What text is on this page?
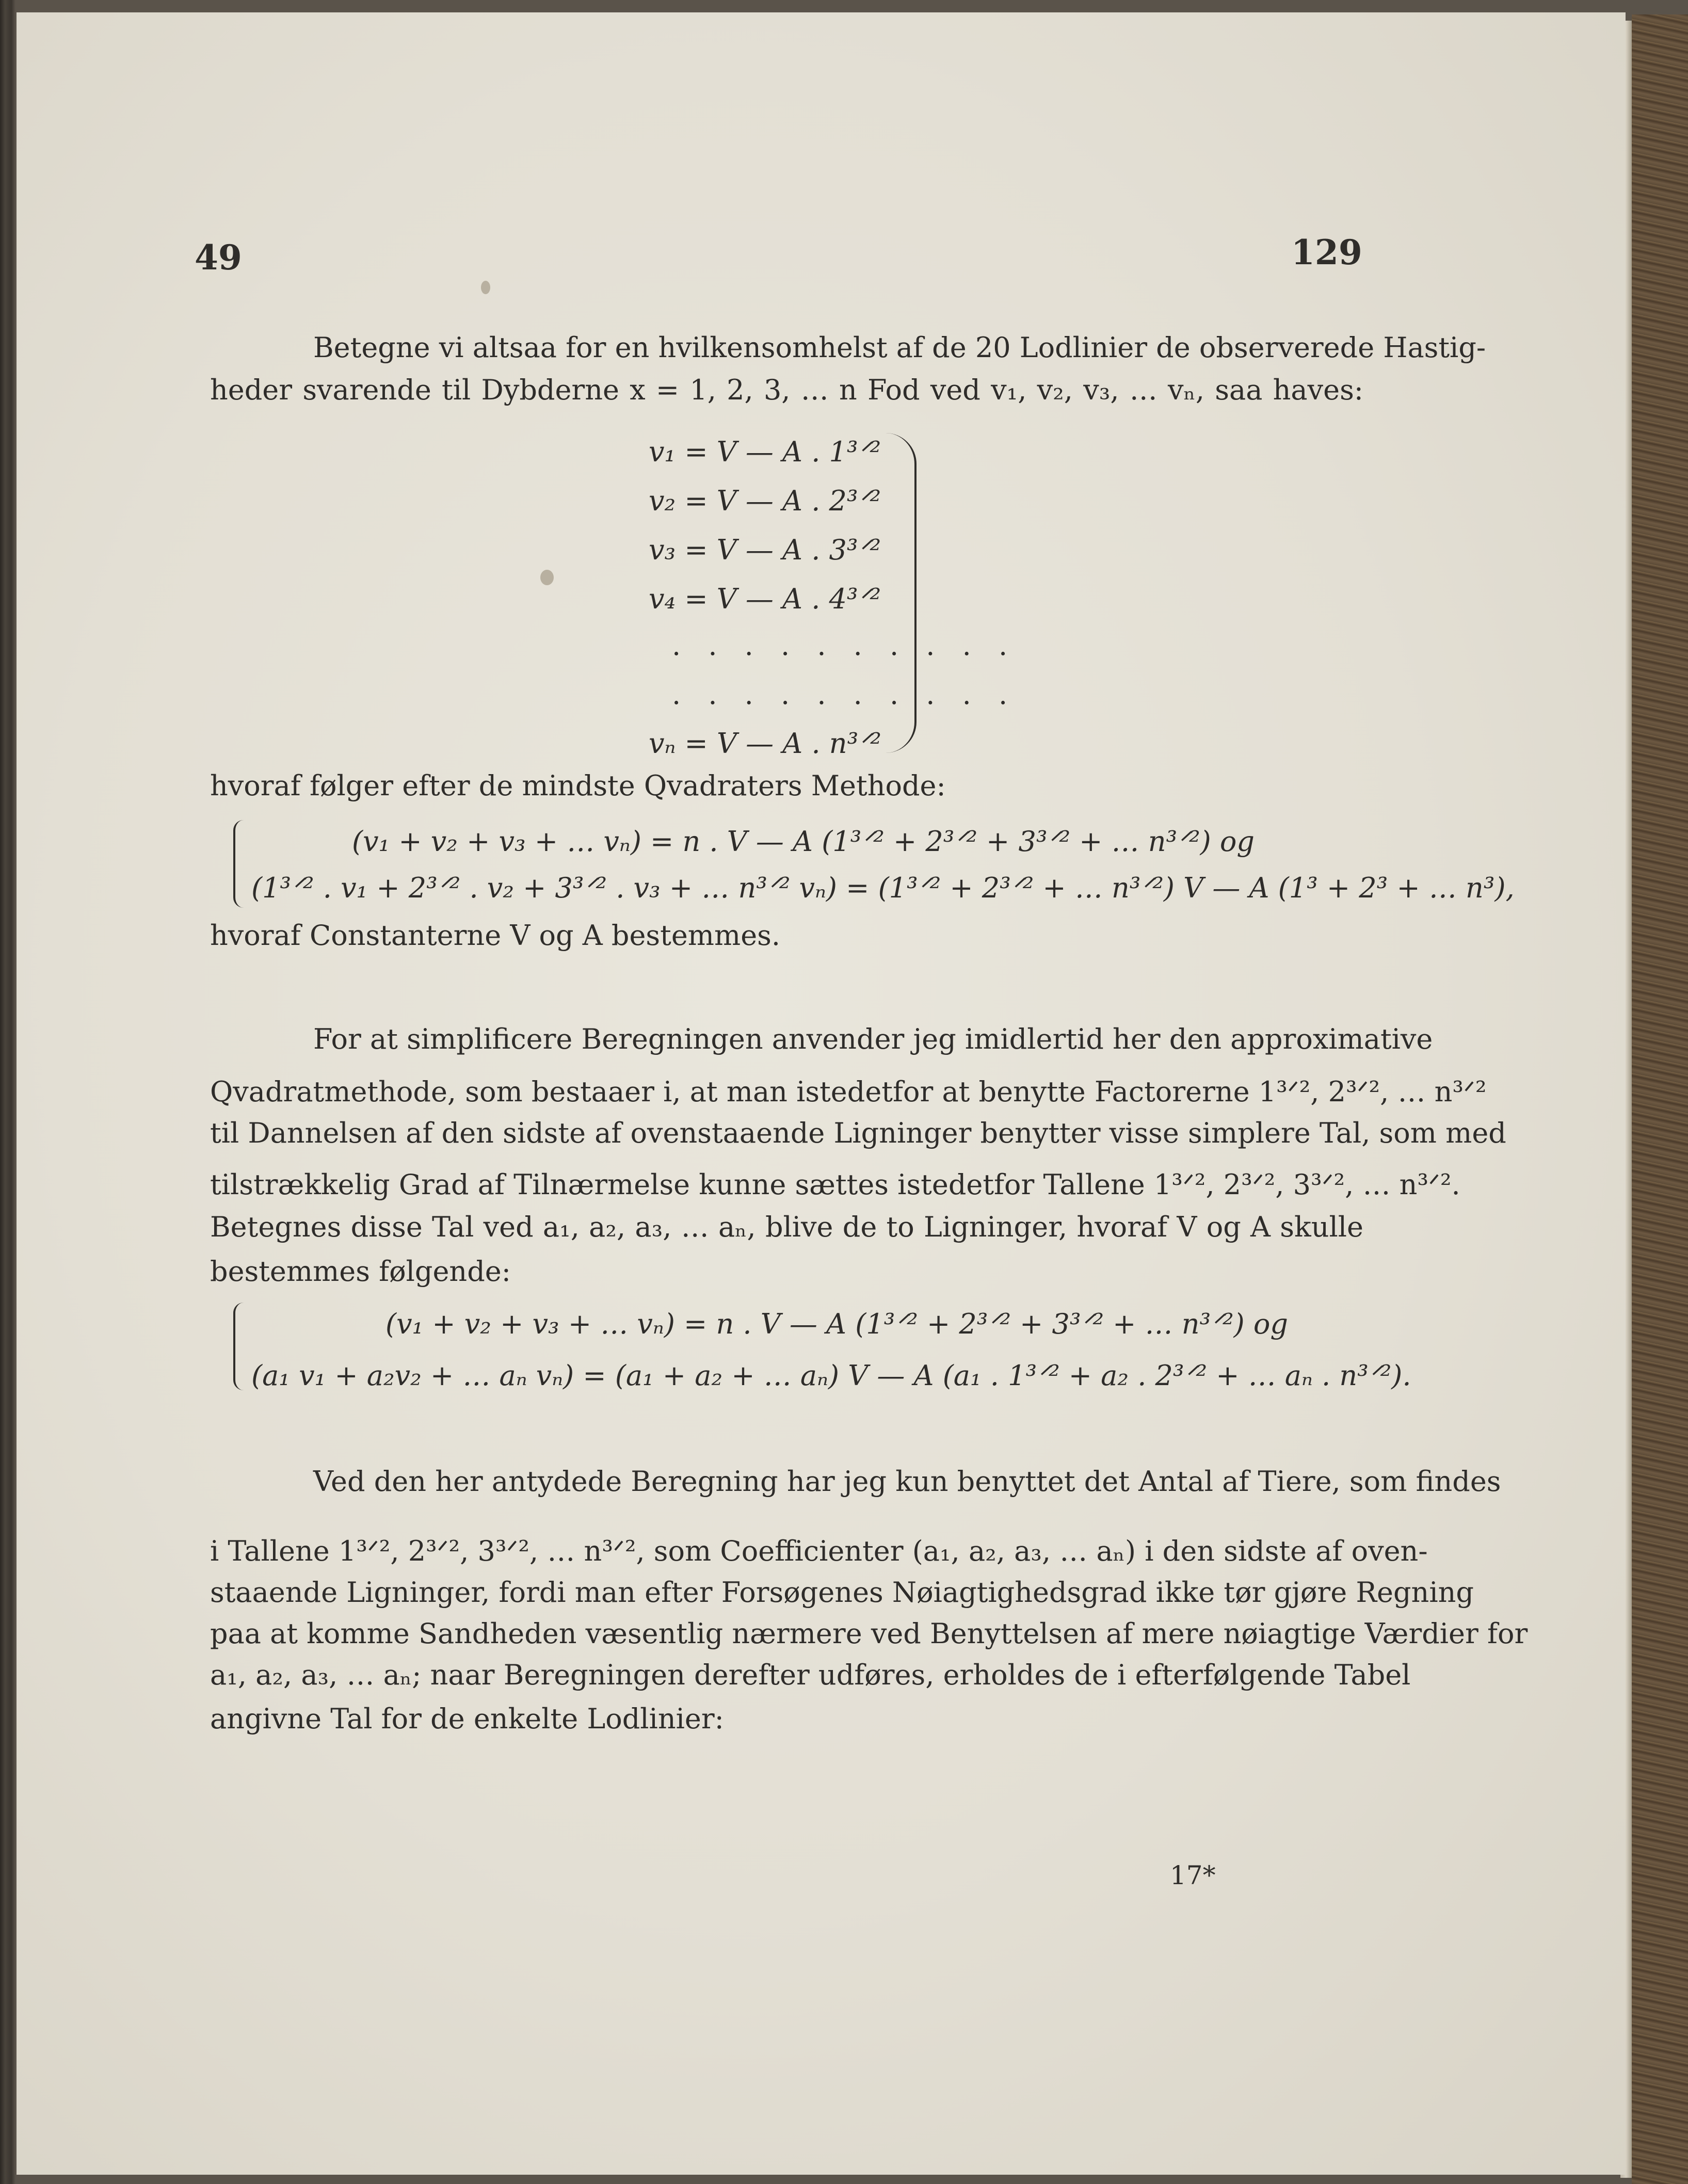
49	129
Betegne vi altsaa for en hvilkensomhelst af de 20 Lodlinier de observerede Hastig-
heder svarende til Dybderne x = 1, 2, 3, … n Fod ved v₁, v₂, v₃, … vₙ, saa haves:
v₁ = V — A . 1³ᐟ²
v₂ = V — A . 2³ᐟ²
v₃ = V — A . 3³ᐟ²
v₄ = V — A . 4³ᐟ²
. . . . . . . . . .
. . . . . . . . . .
vₙ = V — A . n³ᐟ²
hvoraf følger efter de mindste Qvadraters Methode:
(v₁ + v₂ + v₃ + … vₙ) = n . V — A (1³ᐟ² + 2³ᐟ² + 3³ᐟ² + … n³ᐟ²) og
(1³ᐟ² . v₁ + 2³ᐟ² . v₂ + 3³ᐟ² . v₃ + … n³ᐟ² vₙ) = (1³ᐟ² + 2³ᐟ² + … n³ᐟ²) V — A (1³ + 2³ + … n³),
hvoraf Constanterne V og A bestemmes.
For at simplificere Beregningen anvender jeg imidlertid her den approximative
Qvadratmethode, som bestaaer i, at man istedetfor at benytte Factorerne 1³ᐟ², 2³ᐟ², … n³ᐟ²
til Dannelsen af den sidste af ovenstaaende Ligninger benytter visse simplere Tal, som med
tilstrækkelig Grad af Tilnærmelse kunne sættes istedetfor Tallene 1³ᐟ², 2³ᐟ², 3³ᐟ², … n³ᐟ².
Betegnes disse Tal ved a₁, a₂, a₃, … aₙ, blive de to Ligninger, hvoraf V og A skulle
bestemmes følgende:
(v₁ + v₂ + v₃ + … vₙ) = n . V — A (1³ᐟ² + 2³ᐟ² + 3³ᐟ² + … n³ᐟ²) og
(a₁ v₁ + a₂v₂ + … aₙ vₙ) = (a₁ + a₂ + … aₙ) V — A (a₁ . 1³ᐟ² + a₂ . 2³ᐟ² + … aₙ . n³ᐟ²).
Ved den her antydede Beregning har jeg kun benyttet det Antal af Tiere, som findes
i Tallene 1³ᐟ², 2³ᐟ², 3³ᐟ², … n³ᐟ², som Coefficienter (a₁, a₂, a₃, … aₙ) i den sidste af oven-
staaende Ligninger, fordi man efter Forsøgenes Nøiagtighedsgrad ikke tør gjøre Regning
paa at komme Sandheden væsentlig nærmere ved Benyttelsen af mere nøiagtige Værdier for
a₁, a₂, a₃, … aₙ; naar Beregningen derefter udføres, erholdes de i efterfølgende Tabel
angivne Tal for de enkelte Lodlinier:
17*
